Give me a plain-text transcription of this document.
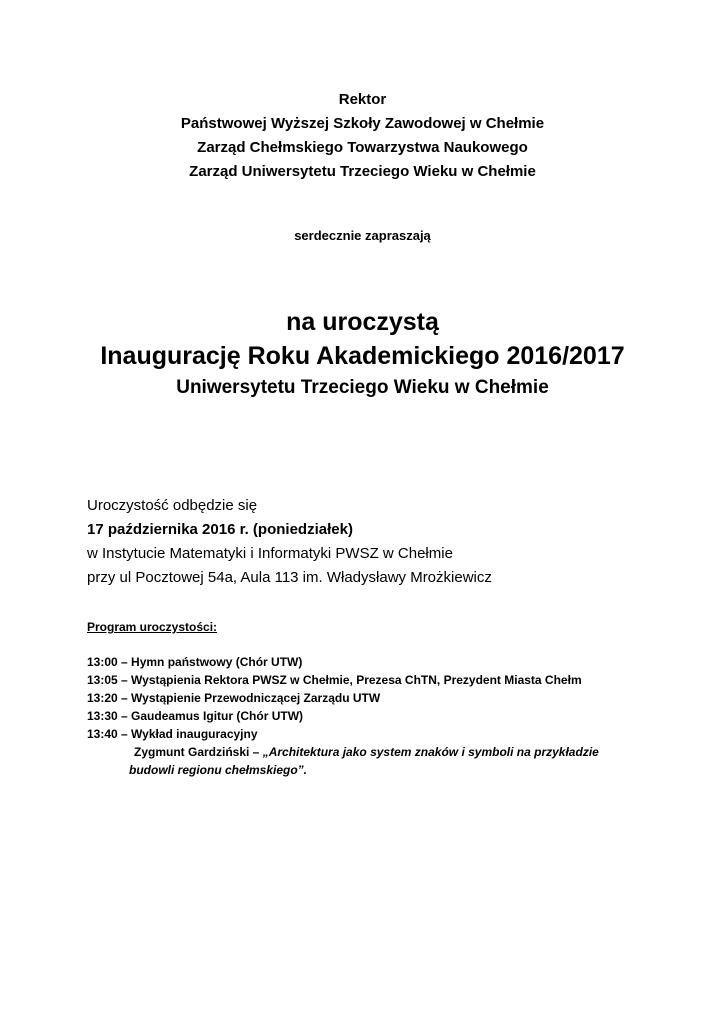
Rektor
Państwowej Wyższej Szkoły Zawodowej w Chełmie
Zarząd Chełmskiego Towarzystwa Naukowego
Zarząd Uniwersytetu Trzeciego Wieku w Chełmie
serdecznie zapraszają
na uroczystą
Inaugurację Roku Akademickiego 2016/2017
Uniwersytetu Trzeciego Wieku w Chełmie
Uroczystość odbędzie się
17 października 2016 r. (poniedziałek)
w Instytucie Matematyki i Informatyki PWSZ w Chełmie
przy ul Pocztowej 54a, Aula 113 im. Władysławy Mrożkiewicz
Program uroczystości:
13:00 – Hymn państwowy (Chór UTW)
13:05 – Wystąpienia Rektora PWSZ w Chełmie, Prezesa ChTN, Prezydent Miasta Chełm
13:20 – Wystąpienie Przewodniczącej Zarządu UTW
13:30 – Gaudeamus Igitur (Chór UTW)
13:40 – Wykład inauguracyjny
Zygmunt Gardziński – „Architektura jako system znaków i symboli na przykładzie
budowli regionu chełmskiego”.
